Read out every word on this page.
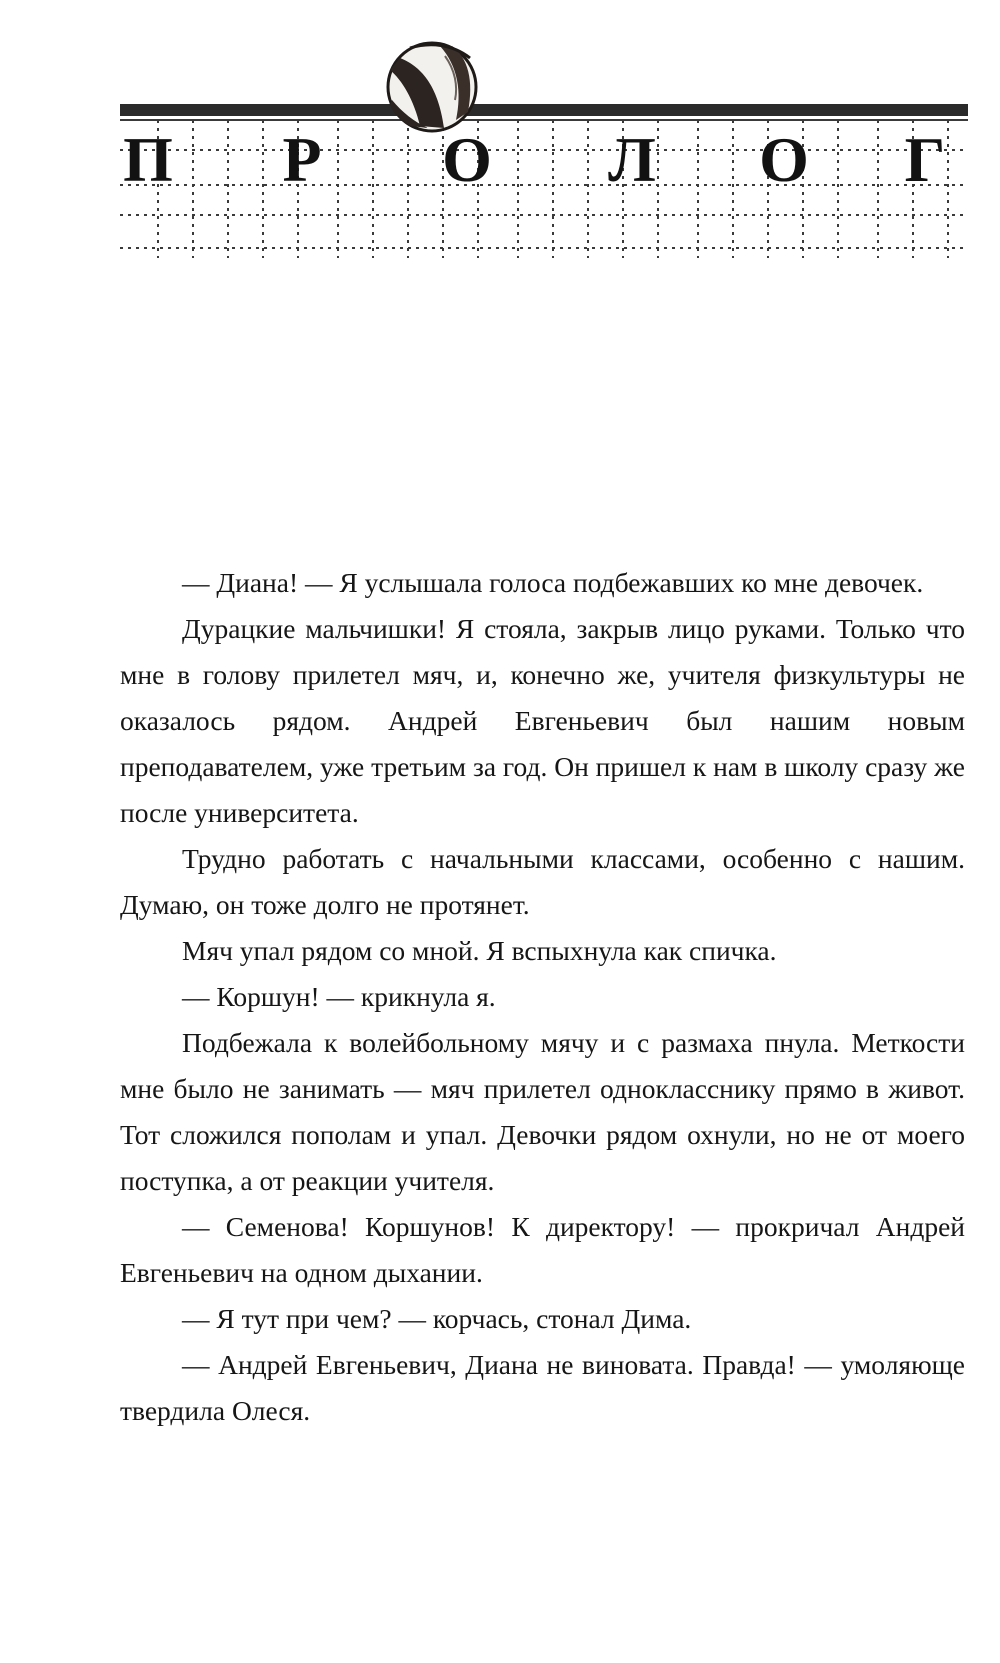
П Р О Л О Г

— Диана! — Я услышала голоса подбежавших ко мне девочек.

Дурацкие мальчишки! Я стояла, закрыв лицо руками. Только что мне в голову прилетел мяч, и, конечно же, учителя физкультуры не оказалось рядом. Андрей Евгеньевич был нашим новым преподавателем, уже третьим за год. Он пришел к нам в школу сразу же после университета.

Трудно работать с начальными классами, особенно с нашим. Думаю, он тоже долго не протянет.

Мяч упал рядом со мной. Я вспыхнула как спичка.

— Коршун! — крикнула я.

Подбежала к волейбольному мячу и с размаха пнула. Меткости мне было не занимать — мяч прилетел однокласснику прямо в живот. Тот сложился пополам и упал. Девочки рядом охнули, но не от моего поступка, а от реакции учителя.

— Семенова! Коршунов! К директору! — прокричал Андрей Евгеньевич на одном дыхании.

— Я тут при чем? — корчась, стонал Дима.

— Андрей Евгеньевич, Диана не виновата. Правда! — умоляюще твердила Олеся.
